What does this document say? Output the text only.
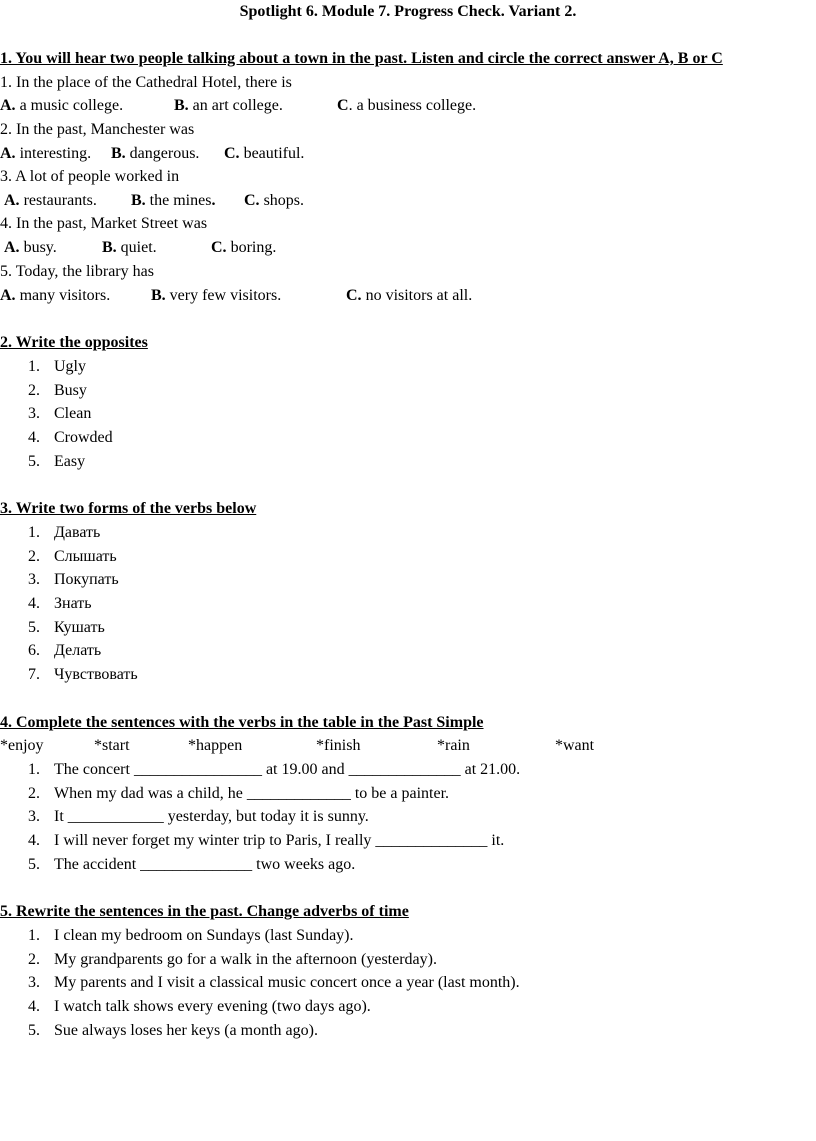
Spotlight 6. Module 7. Progress Check. Variant 2.
1. You will hear two people talking about a town in the past. Listen and circle the correct answer A, B or C
1. In the place of the Cathedral Hotel, there is
A. a music college.	B. an art college.	C. a business college.
2. In the past, Manchester was
A. interesting. B. dangerous. C. beautiful.
3. A lot of people worked in
A. restaurants. B. the mines. C. shops.
4. In the past, Market Street was
A. busy.	B. quiet.	C. boring.
5. Today, the library has
A. many visitors.	B. very few visitors.	C. no visitors at all.
2. Write the opposites
1. Ugly
2. Busy
3. Clean
4. Crowded
5. Easy
3. Write two forms of the verbs below
1. Давать
2. Слышать
3. Покупать
4. Знать
5. Кушать
6. Делать
7. Чувствовать
4. Complete the sentences with the verbs in the table in the Past Simple
*enjoy	*start	*happen	*finish	*rain	*want
1. The concert ________________ at 19.00 and ______________ at 21.00.
2. When my dad was a child, he _____________ to be a painter.
3. It ____________ yesterday, but today it is sunny.
4. I will never forget my winter trip to Paris, I really ______________ it.
5. The accident ______________ two weeks ago.
5. Rewrite the sentences in the past. Change adverbs of time
1. I clean my bedroom on Sundays (last Sunday).
2. My grandparents go for a walk in the afternoon (yesterday).
3. My parents and I visit a classical music concert once a year (last month).
4. I watch talk shows every evening (two days ago).
5. Sue always loses her keys (a month ago).
